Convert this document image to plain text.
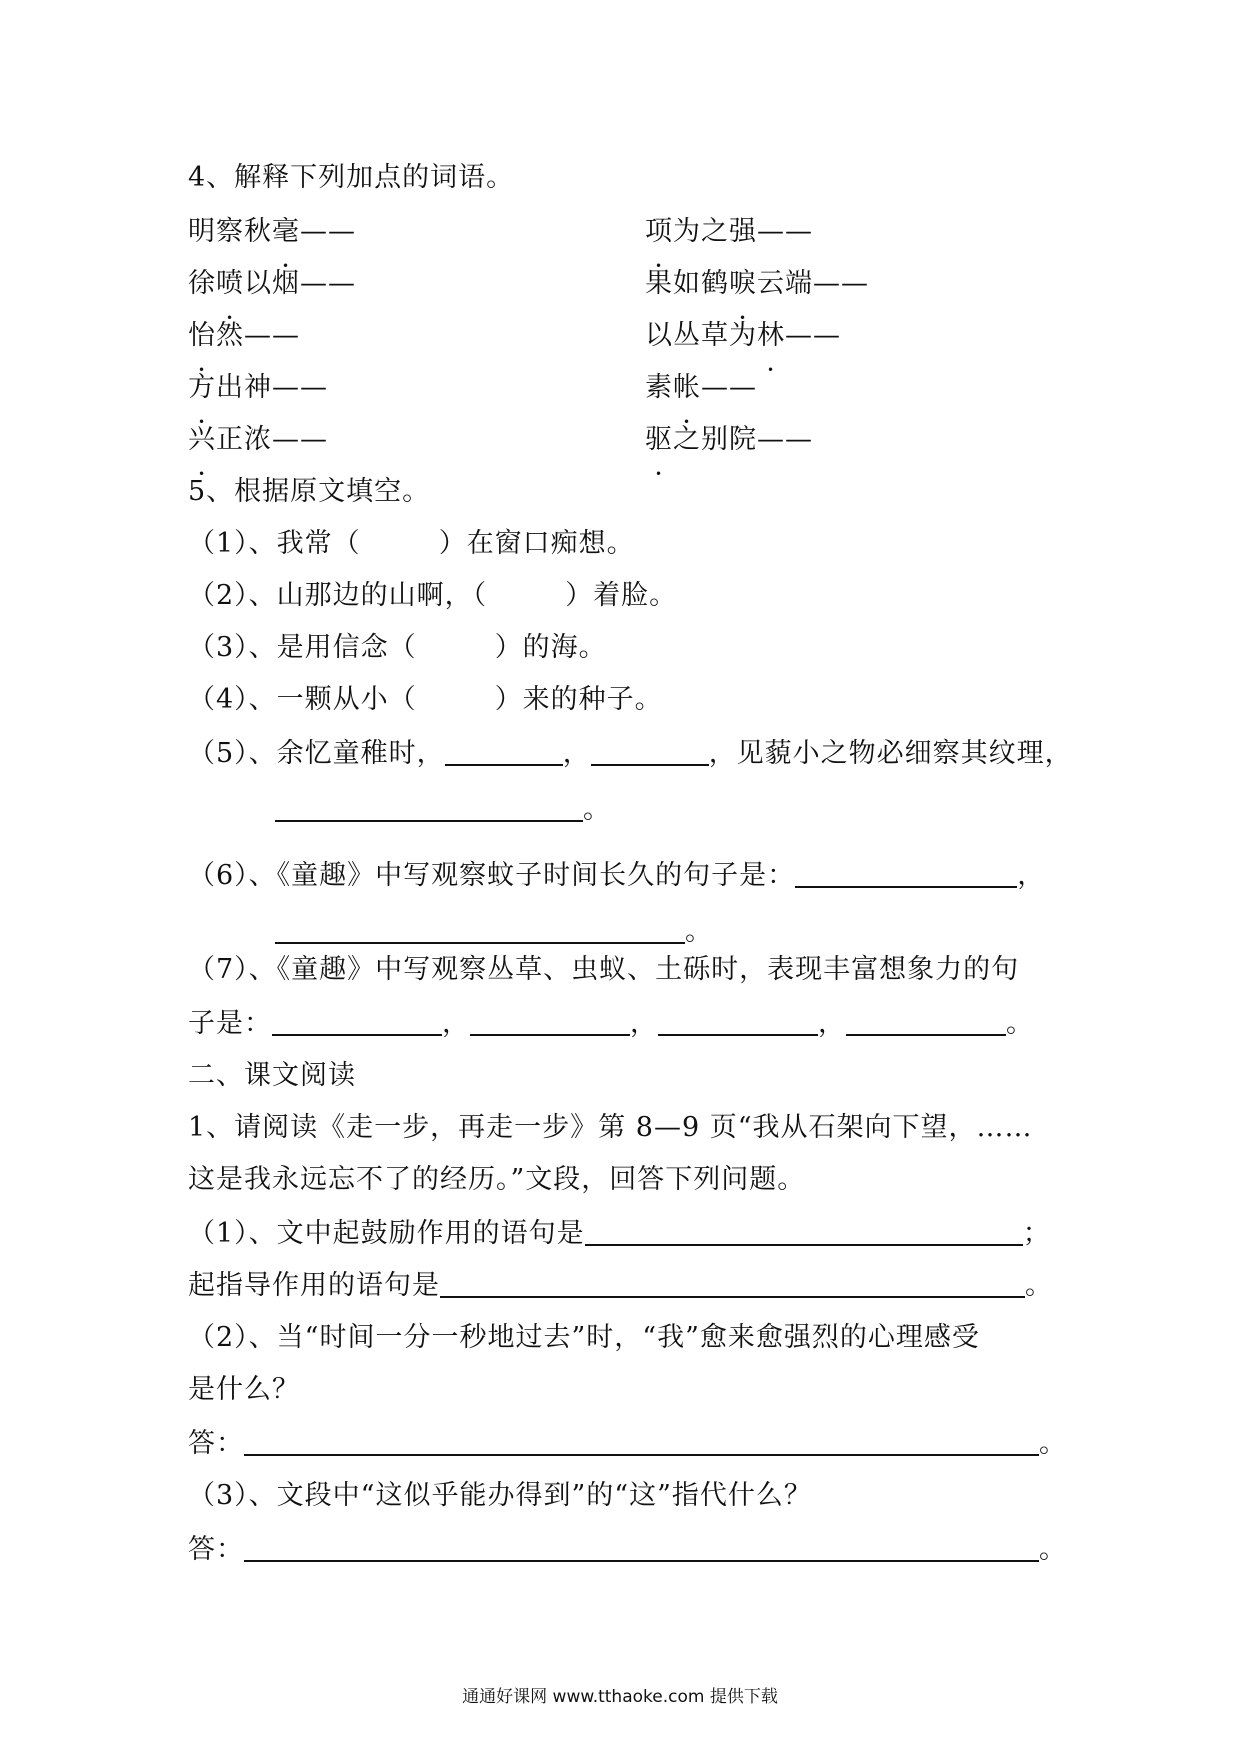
4、解释下列加点的词语。
明察秋毫——	项为之强——
徐喷以烟——	果如鹤唳云端——
怡然——	以丛草为林——
方出神——	素帐——
兴正浓——	驱之别院——
5、根据原文填空。
（1）、我常（	）在窗口痴想。
（2）、山那边的山啊，（	）着脸。
（3）、是用信念（	）的海。
（4）、一颗从小（	）来的种子。
（5）、余忆童稚时，	，	，见藐小之物必细察其纹理，
。
（6）、《童趣》中写观察蚊子时间长久的句子是：	，
。
（7）、《童趣》中写观察丛草、虫蚁、土砾时，表现丰富想象力的句
子是：	，	，	，	。
二、课文阅读
1、请阅读《走一步，再走一步》第 8—9 页“我从石架向下望，……
这是我永远忘不了的经历。”文段，回答下列问题。
（1）、文中起鼓励作用的语句是	；
起指导作用的语句是	。
（2）、当“时间一分一秒地过去”时，“我”愈来愈强烈的心理感受
是什么？
答：	。
（3）、文段中“这似乎能办得到”的“这”指代什么？
答：	。
通通好课网 www.tthaoke.com 提供下载
